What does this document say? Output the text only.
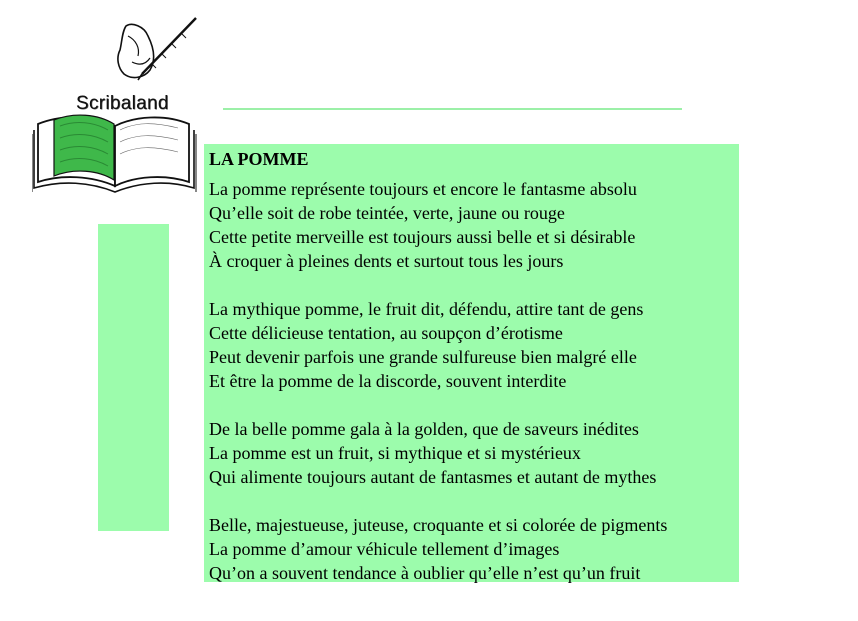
Scribaland
LA POMME
La pomme représente toujours et encore le fantasme absolu
Qu’elle soit de robe teintée, verte, jaune ou rouge
Cette petite merveille est toujours aussi belle et si désirable
À croquer à pleines dents et surtout tous les jours
La mythique pomme, le fruit dit, défendu, attire tant de gens
Cette délicieuse tentation, au soupçon d’érotisme
Peut devenir parfois une grande sulfureuse bien malgré elle
Et être la pomme de la discorde, souvent interdite
De la belle pomme gala à la golden, que de saveurs inédites
La pomme est un fruit, si mythique et si mystérieux
Qui alimente toujours autant de fantasmes et autant de mythes
Belle, majestueuse, juteuse, croquante et si colorée de pigments
La pomme d’amour véhicule tellement d’images
Qu’on a souvent tendance à oublier qu’elle n’est qu’un fruit
